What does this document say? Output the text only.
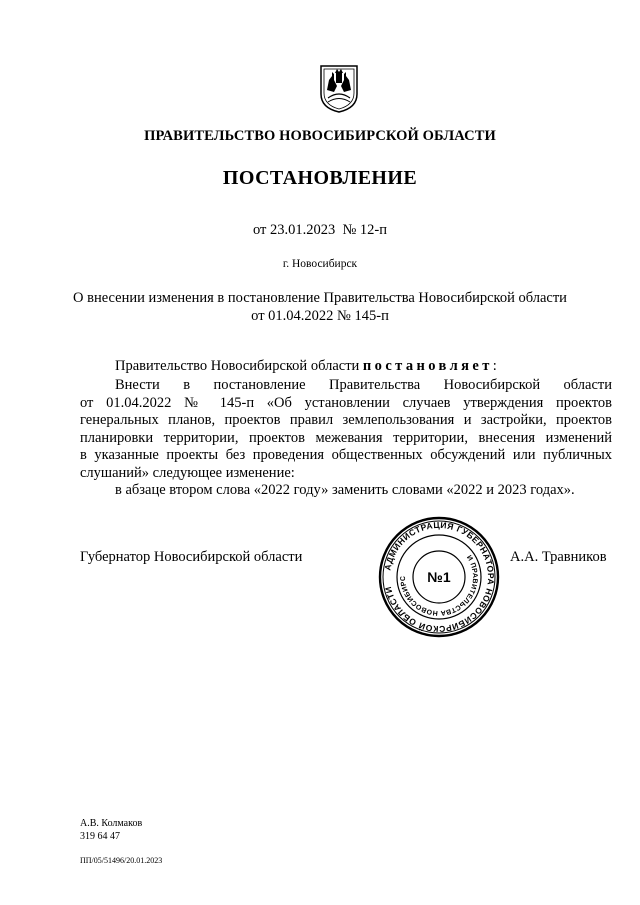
ПРАВИТЕЛЬСТВО НОВОСИБИРСКОЙ ОБЛАСТИ
ПОСТАНОВЛЕНИЕ
от 23.01.2023  № 12-п
г. Новосибирск
О внесении изменения в постановление Правительства Новосибирской области
от 01.04.2022 № 145-п
Правительство Новосибирской области постановляет:
Внести в постановление Правительства Новосибирской области
от 01.04.2022 № 145-п «Об установлении случаев утверждения проектов
генеральных планов, проектов правил землепользования и застройки, проектов
планировки территории, проектов межевания территории, внесения изменений
в указанные проекты без проведения общественных обсуждений или публичных
слушаний» следующее изменение:
в абзаце втором слова «2022 году» заменить словами «2022 и 2023 годах».
Губернатор Новосибирской области	А.А. Травников
АДМИНИСТРАЦИЯ ГУБЕРНАТОРА НОВОСИБИРСКОЙ ОБЛАСТИ
И ПРАВИТЕЛЬСТВА НОВОСИБИРС	№1
А.В. Колмаков
319 64 47
ПП/05/51496/20.01.2023
